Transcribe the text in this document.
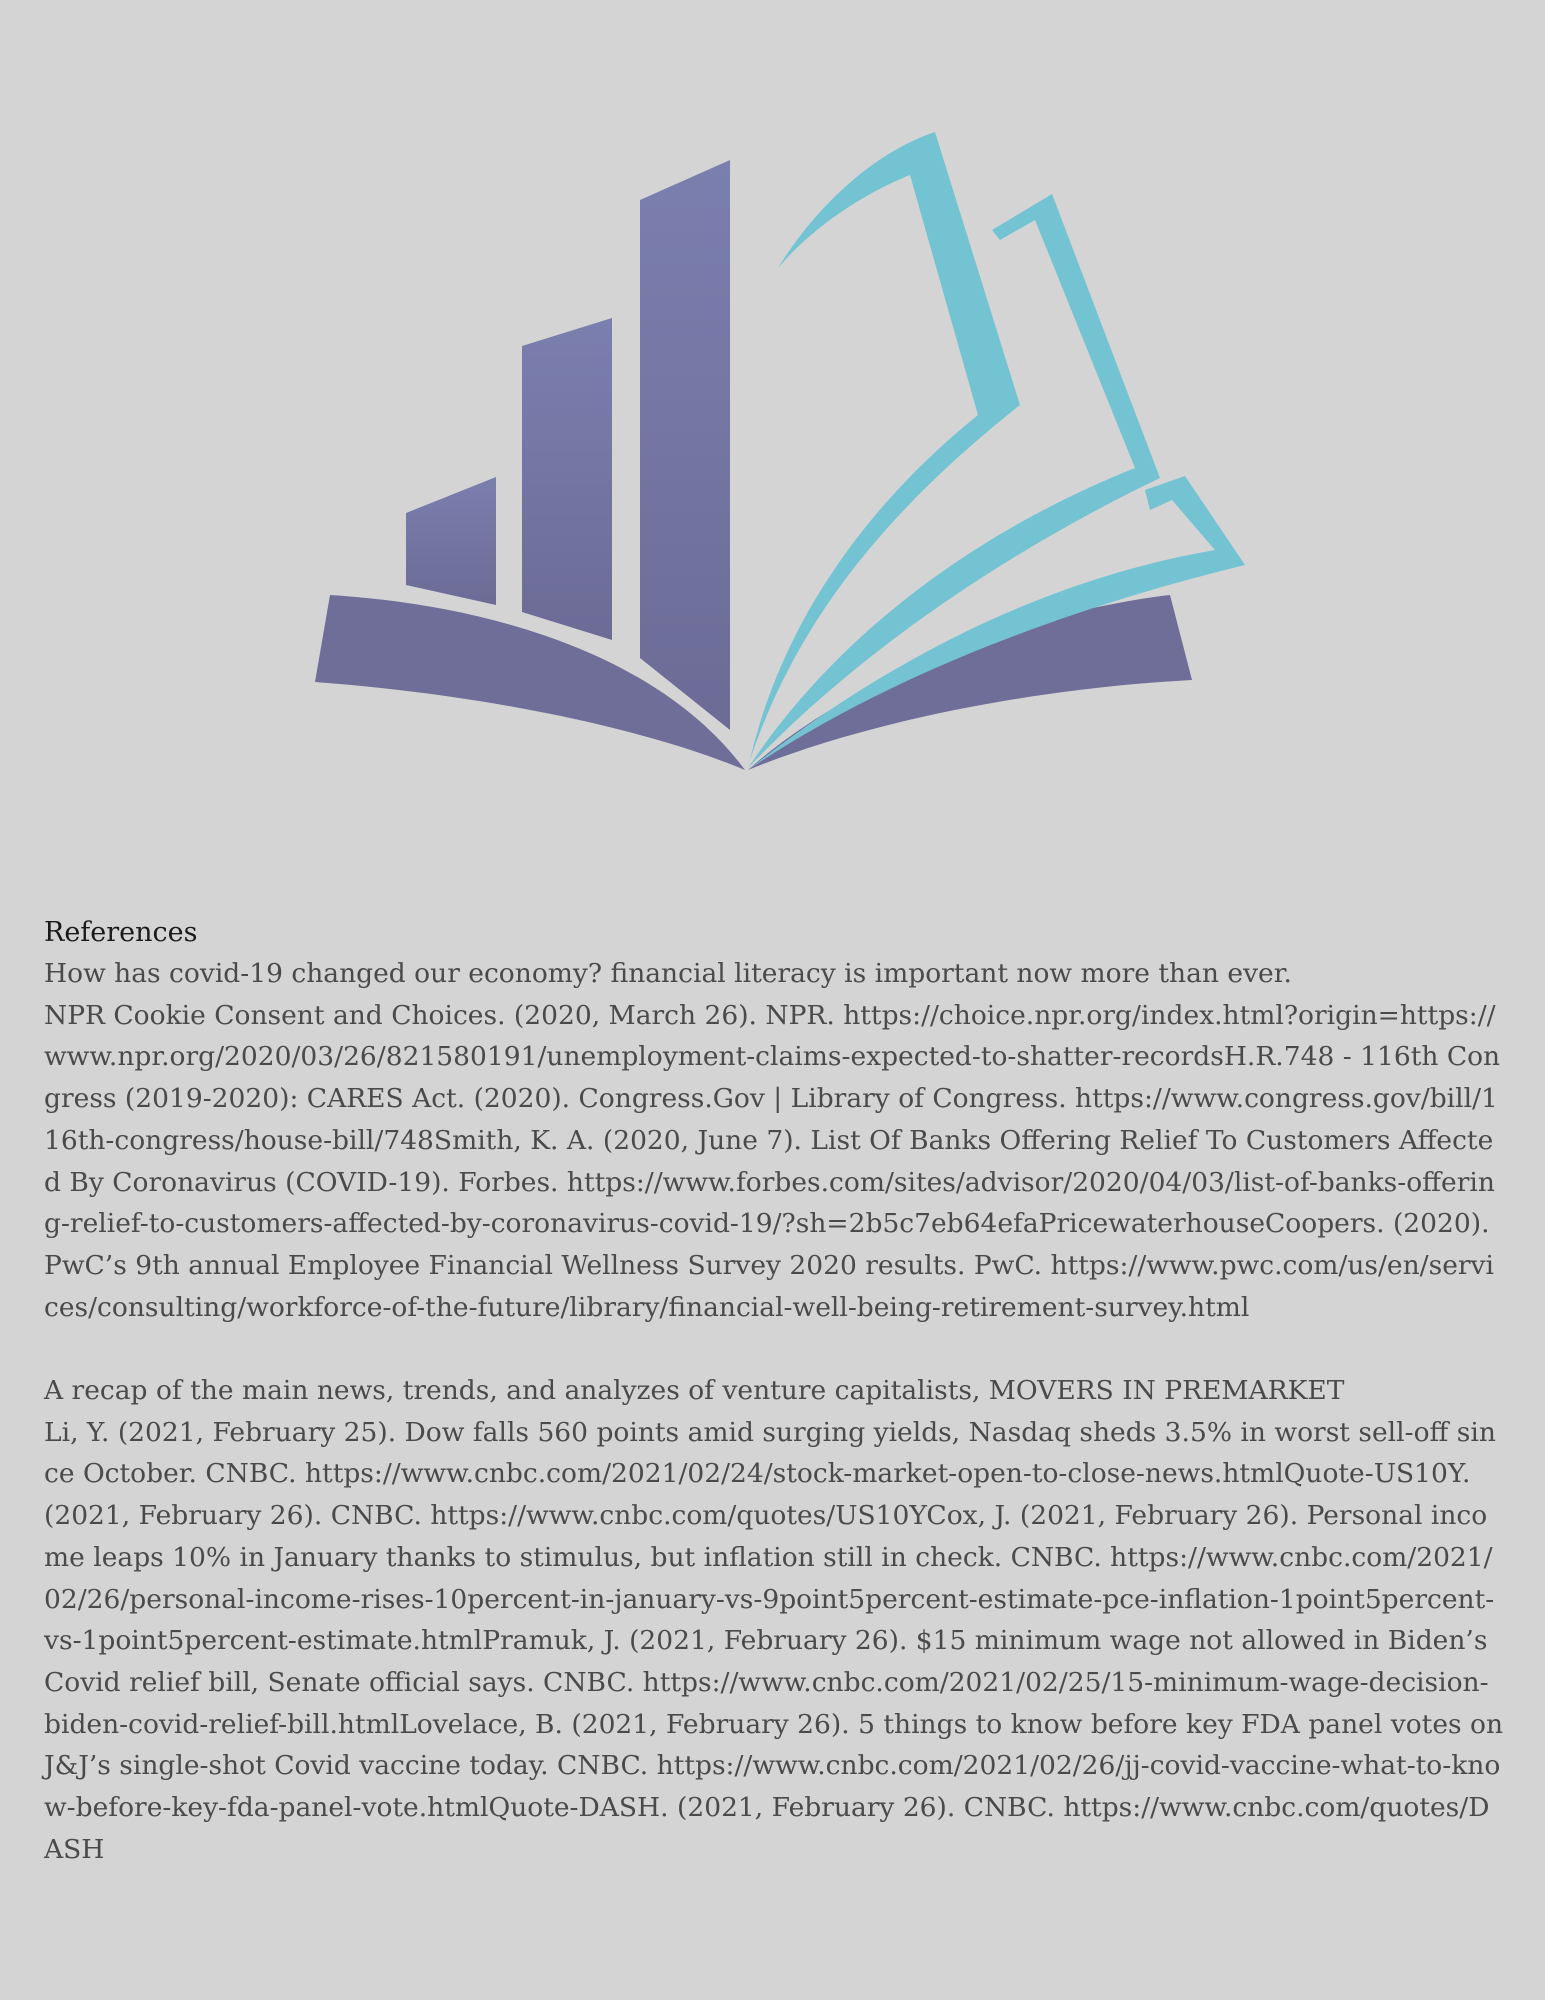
References

How has covid-19 changed our economy? financial literacy is important now more than ever.

NPR Cookie Consent and Choices. (2020, March 26). NPR. https://choice.npr.org/index.html?origin=https://www.npr.org/2020/03/26/821580191/unemployment-claims-expected-to-shatter-recordsH.R.748 - 116th Congress (2019-2020): CARES Act. (2020). Congress.Gov | Library of Congress. https://www.congress.gov/bill/116th-congress/house-bill/748Smith, K. A. (2020, June 7). List Of Banks Offering Relief To Customers Affected By Coronavirus (COVID-19). Forbes. https://www.forbes.com/sites/advisor/2020/04/03/list-of-banks-offering-relief-to-customers-affected-by-coronavirus-covid-19/?sh=2b5c7eb64efaPricewaterhouseCoopers. (2020). PwC’s 9th annual Employee Financial Wellness Survey 2020 results. PwC. https://www.pwc.com/us/en/services/consulting/workforce-of-the-future/library/financial-well-being-retirement-survey.html

A recap of the main news, trends, and analyzes of venture capitalists, MOVERS IN PREMARKET

Li, Y. (2021, February 25). Dow falls 560 points amid surging yields, Nasdaq sheds 3.5% in worst sell-off since October. CNBC. https://www.cnbc.com/2021/02/24/stock-market-open-to-close-news.htmlQuote-US10Y. (2021, February 26). CNBC. https://www.cnbc.com/quotes/US10YCox, J. (2021, February 26). Personal income leaps 10% in January thanks to stimulus, but inflation still in check. CNBC. https://www.cnbc.com/2021/02/26/personal-income-rises-10percent-in-january-vs-9point5percent-estimate-pce-inflation-1point5percent-vs-1point5percent-estimate.htmlPramuk, J. (2021, February 26). $15 minimum wage not allowed in Biden’s Covid relief bill, Senate official says. CNBC. https://www.cnbc.com/2021/02/25/15-minimum-wage-decision-biden-covid-relief-bill.htmlLovelace, B. (2021, February 26). 5 things to know before key FDA panel votes on J&J’s single-shot Covid vaccine today. CNBC. https://www.cnbc.com/2021/02/26/jj-covid-vaccine-what-to-know-before-key-fda-panel-vote.htmlQuote-DASH. (2021, February 26). CNBC. https://www.cnbc.com/quotes/DASH
